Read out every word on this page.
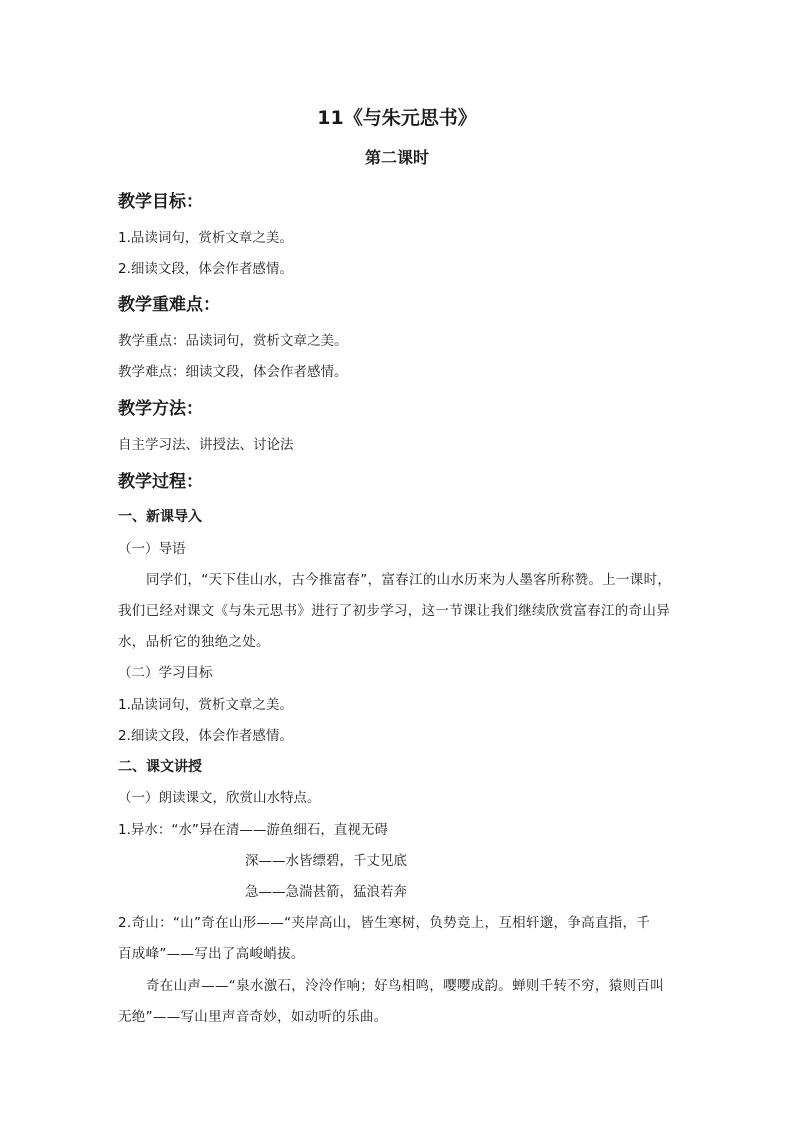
11《与朱元思书》
第二课时
教学目标：
1.品读词句，赏析文章之美。
2.细读文段，体会作者感情。
教学重难点：
教学重点：品读词句，赏析文章之美。
教学难点：细读文段，体会作者感情。
教学方法：
自主学习法、讲授法、讨论法
教学过程：
一、新课导入
（一）导语
同学们，“天下佳山水，古今推富春”，富春江的山水历来为人墨客所称赞。上一课时，
我们已经对课文《与朱元思书》进行了初步学习，这一节课让我们继续欣赏富春江的奇山异
水，品析它的独绝之处。
（二）学习目标
1.品读词句，赏析文章之美。
2.细读文段，体会作者感情。
二、课文讲授
（一）朗读课文，欣赏山水特点。
1.异水：“水”异在清——游鱼细石，直视无碍
深——水皆缥碧，千丈见底
急——急湍甚箭，猛浪若奔
2.奇山：“山”奇在山形——“夹岸高山，皆生寒树，负势竞上，互相轩邈，争高直指，千
百成峰”——写出了高峻峭拔。
奇在山声——“泉水激石，泠泠作响；好鸟相鸣，嘤嘤成韵。蝉则千转不穷，猿则百叫
无绝”——写山里声音奇妙，如动听的乐曲。
